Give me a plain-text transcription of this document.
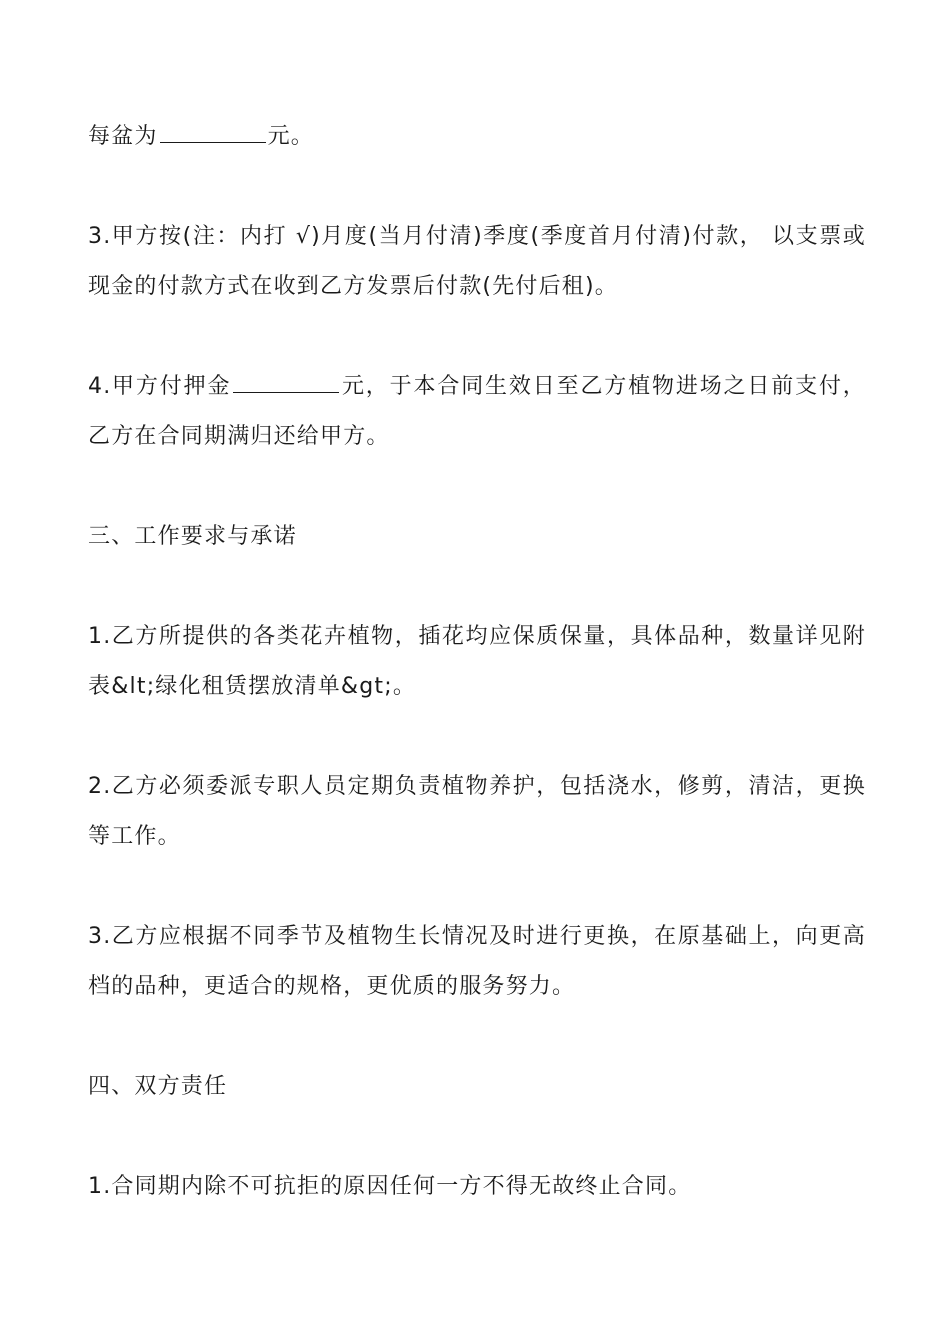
每盆为	元。

3.甲方按(注：内打 √)月度(当月付清)季度(季度首月付清)付款， 以支票或现金的付款方式在收到乙方发票后付款(先付后租)。

4.甲方付押金	元，于本合同生效日至乙方植物进场之日前支付，乙方在合同期满归还给甲方。

三、工作要求与承诺

1.乙方所提供的各类花卉植物，插花均应保质保量，具体品种，数量详见附表&lt;绿化租赁摆放清单&gt;。

2.乙方必须委派专职人员定期负责植物养护，包括浇水，修剪，清洁，更换等工作。

3.乙方应根据不同季节及植物生长情况及时进行更换，在原基础上，向更高档的品种，更适合的规格，更优质的服务努力。

四、双方责任

1.合同期内除不可抗拒的原因任何一方不得无故终止合同。
